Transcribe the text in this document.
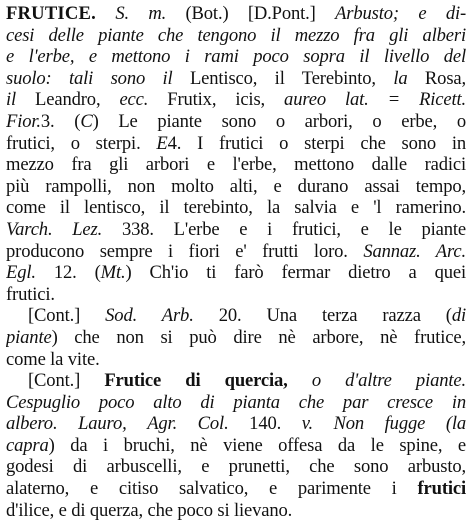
FRUTICE. S. m. (Bot.) [D.Pont.] Arbusto; e di-
cesi delle piante che tengono il mezzo fra gli alberi
e l'erbe, e mettono i rami poco sopra il livello del
suolo: tali sono il Lentisco, il Terebinto, la Rosa,
il Leandro, ecc. Frutix, icis, aureo lat. = Ricett.
Fior.3. (C) Le piante sono o arbori, o erbe, o
frutici, o sterpi. E4. I frutici o sterpi che sono in
mezzo fra gli arbori e l'erbe, mettono dalle radici
più rampolli, non molto alti, e durano assai tempo,
come il lentisco, il terebinto, la salvia e 'l ramerino.
Varch. Lez. 338. L'erbe e i frutici, e le piante
producono sempre i fiori e' frutti loro. Sannaz. Arc.
Egl. 12. (Mt.) Ch'io ti farò fermar dietro a quei
frutici.
[Cont.] Sod. Arb. 20. Una terza razza (di
piante) che non si può dire nè arbore, nè frutice,
come la vite.
[Cont.] Frutice di quercia, o d'altre piante.
Cespuglio poco alto di pianta che par cresce in
albero. Lauro, Agr. Col. 140. v. Non fugge (la
capra) da i bruchi, nè viene offesa da le spine, e
godesi di arbuscelli, e prunetti, che sono arbusto,
alaterno, e citiso salvatico, e parimente i frutici
d'ilice, e di querza, che poco si lievano.
